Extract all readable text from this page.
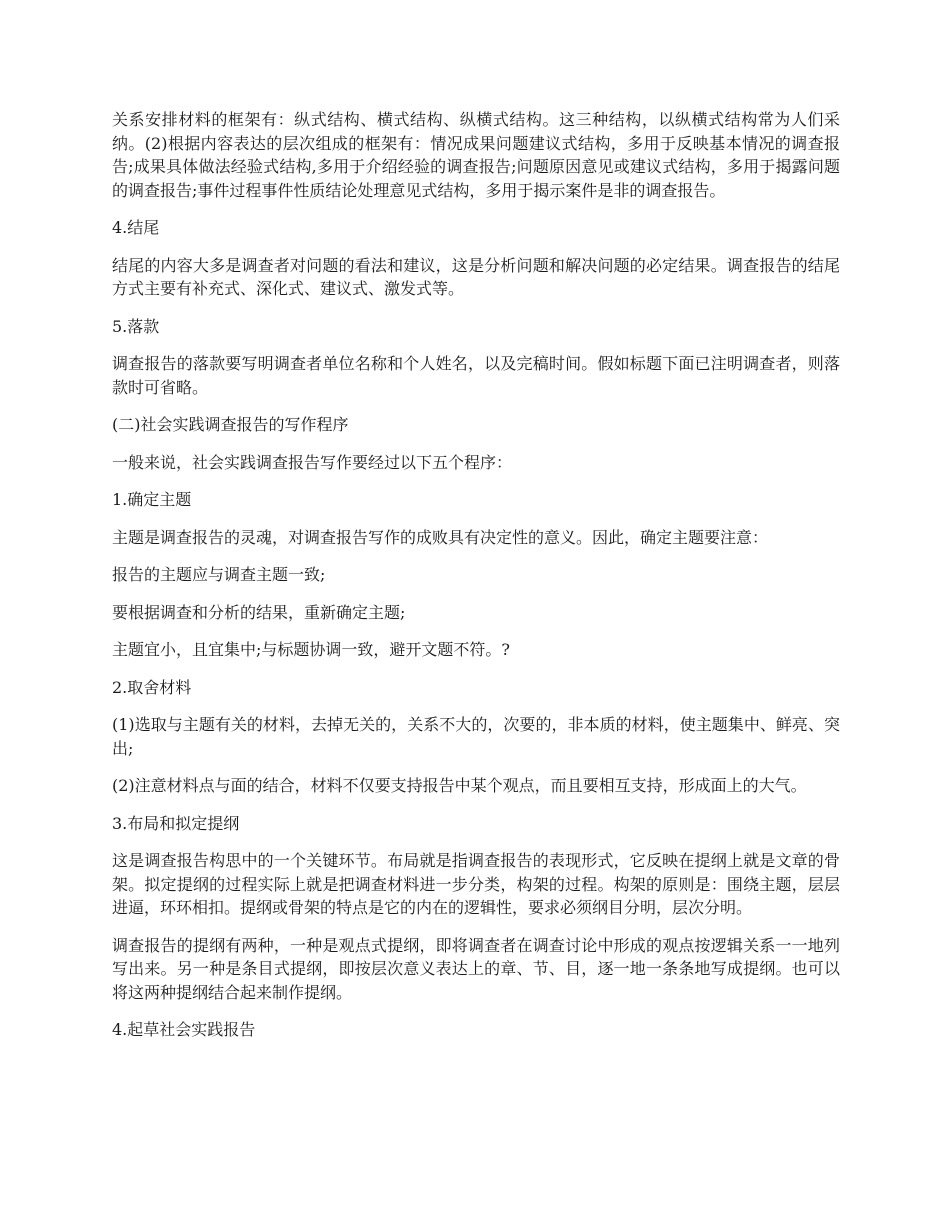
关系安排材料的框架有：纵式结构、横式结构、纵横式结构。这三种结构，以纵横式结构常为人们采纳。(2)根据内容表达的层次组成的框架有：情况成果问题建议式结构，多用于反映基本情况的调查报告;成果具体做法经验式结构,多用于介绍经验的调查报告;问题原因意见或建议式结构，多用于揭露问题的调查报告;事件过程事件性质结论处理意见式结构，多用于揭示案件是非的调查报告。

4.结尾

结尾的内容大多是调查者对问题的看法和建议，这是分析问题和解决问题的必定结果。调查报告的结尾方式主要有补充式、深化式、建议式、激发式等。

5.落款

调查报告的落款要写明调查者单位名称和个人姓名，以及完稿时间。假如标题下面已注明调查者，则落款时可省略。

(二)社会实践调查报告的写作程序

一般来说，社会实践调查报告写作要经过以下五个程序：

1.确定主题

主题是调查报告的灵魂，对调查报告写作的成败具有决定性的意义。因此，确定主题要注意：

报告的主题应与调查主题一致;

要根据调查和分析的结果，重新确定主题;

主题宜小，且宜集中;与标题协调一致，避开文题不符。?

2.取舍材料

(1)选取与主题有关的材料，去掉无关的，关系不大的，次要的，非本质的材料，使主题集中、鲜亮、突出;

(2)注意材料点与面的结合，材料不仅要支持报告中某个观点，而且要相互支持，形成面上的大气。

3.布局和拟定提纲

这是调查报告构思中的一个关键环节。布局就是指调查报告的表现形式，它反映在提纲上就是文章的骨架。拟定提纲的过程实际上就是把调查材料进一步分类，构架的过程。构架的原则是：围绕主题，层层进逼，环环相扣。提纲或骨架的特点是它的内在的逻辑性，要求必须纲目分明，层次分明。

调查报告的提纲有两种，一种是观点式提纲，即将调查者在调查讨论中形成的观点按逻辑关系一一地列写出来。另一种是条目式提纲，即按层次意义表达上的章、节、目，逐一地一条条地写成提纲。也可以将这两种提纲结合起来制作提纲。

4.起草社会实践报告
